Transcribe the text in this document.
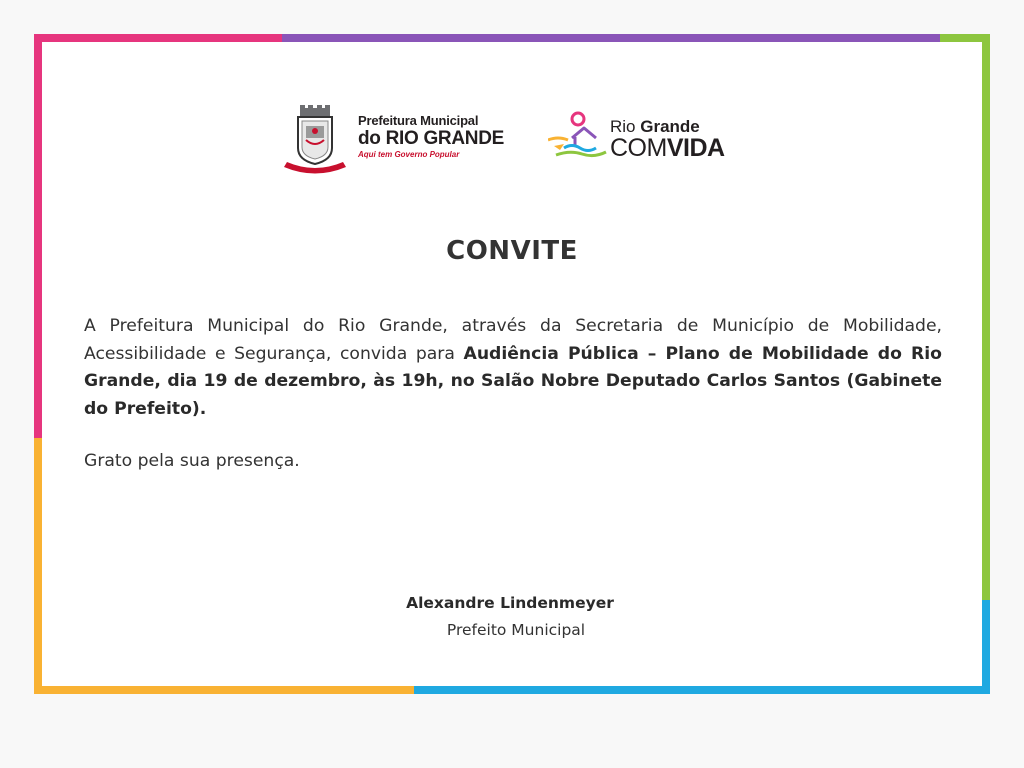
Prefeitura Municipal
do RIO GRANDE
Aqui tem Governo Popular
Rio Grande
COMVIDA
CONVITE

A Prefeitura Municipal do Rio Grande, através da Secretaria de Município de Mobilidade, Acessibilidade e Segurança, convida para Audiência Pública – Plano de Mobilidade do Rio Grande, dia 19 de dezembro, às 19h, no Salão Nobre Deputado Carlos Santos (Gabinete do Prefeito).

Grato pela sua presença.
Alexandre Lindenmeyer
Prefeito Municipal
